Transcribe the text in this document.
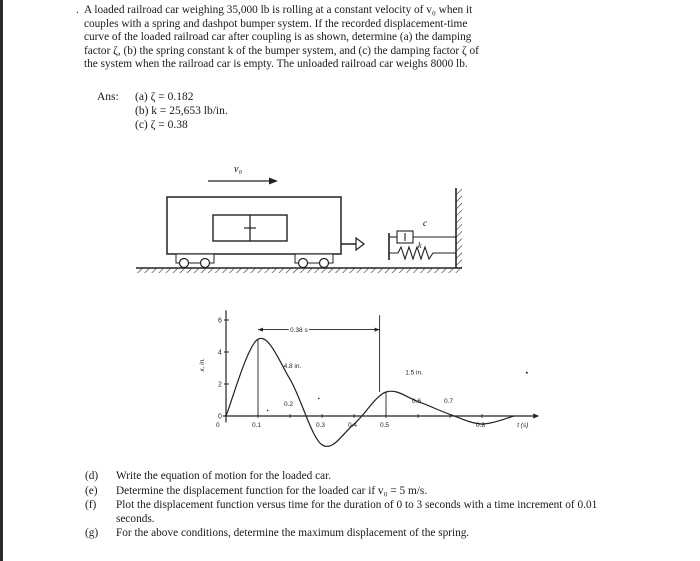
. A loaded railroad car weighing 35,000 lb is rolling at a constant velocity of v₀ when it
couples with a spring and dashpot bumper system. If the recorded displacement-time
curve of the loaded railroad car after coupling is as shown, determine (a) the damping
factor ζ, (b) the spring constant k of the bumper system, and (c) the damping factor ζ of
the system when the railroad car is empty. The unloaded railroad car weighs 8000 lb.
Ans: (a) ζ = 0.182
(b) k = 25,653 lb/in.
(c) ζ = 0.38
v₀
c
k
0
2
4
6
0	0.1
0.2
0.3	0.4	0.5
0.6	0.7
0.8	t (s)
x, in.
0.38 s
4.8 in.
1.5 in.
(d) Write the equation of motion for the loaded car.
(e) Determine the displacement function for the loaded car if v₀ = 5 m/s.
(f) Plot the displacement function versus time for the duration of 0 to 3 seconds with a time increment of 0.01 seconds.
(g) For the above conditions, determine the maximum displacement of the spring.
